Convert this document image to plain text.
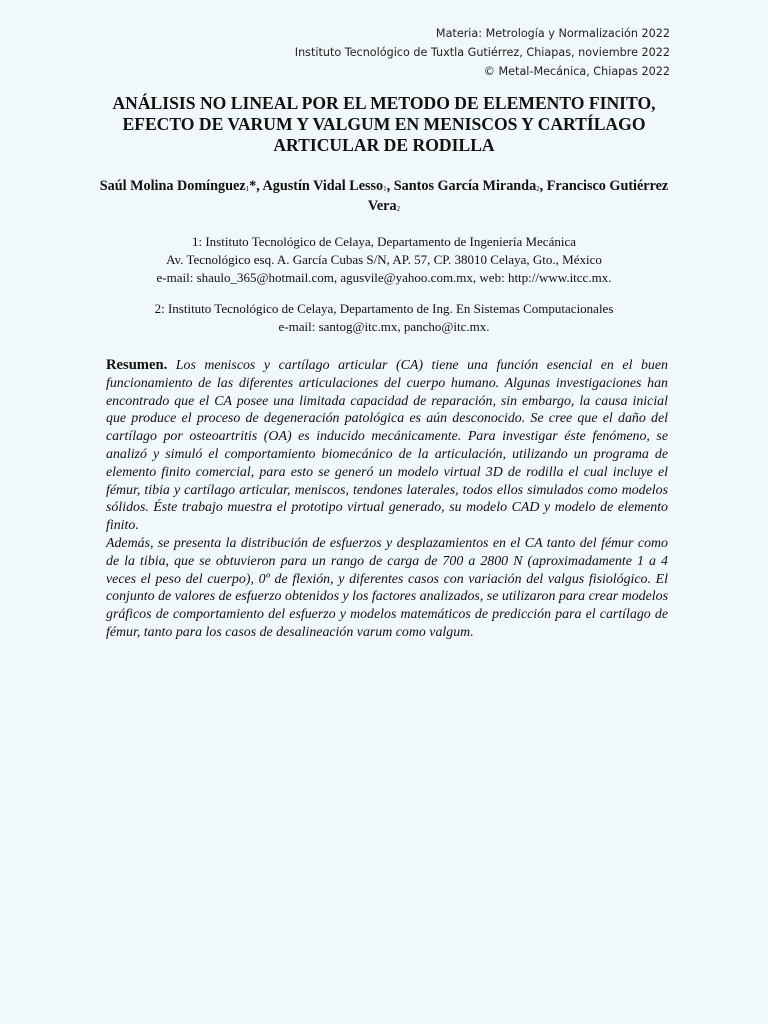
Materia: Metrología y Normalización 2022
Instituto Tecnológico de Tuxtla Gutiérrez, Chiapas, noviembre 2022
© Metal-Mecánica, Chiapas 2022
ANÁLISIS NO LINEAL POR EL METODO DE ELEMENTO FINITO, EFECTO DE VARUM Y VALGUM EN MENISCOS Y CARTÍLAGO ARTICULAR DE RODILLA
Saúl Molina Domínguez$^1$*, Agustín Vidal Lesso$^1$, Santos García Miranda$^2$, Francisco Gutiérrez Vera$^2$
1: Instituto Tecnológico de Celaya, Departamento de Ingeniería Mecánica
Av. Tecnológico esq. A. García Cubas S/N, AP. 57, CP. 38010 Celaya, Gto., México
e-mail: shaulo_365@hotmail.com, agusvile@yahoo.com.mx, web: http://www.itcc.mx.
2: Instituto Tecnológico de Celaya, Departamento de Ing. En Sistemas Computacionales
e-mail: santog@itc.mx, pancho@itc.mx.

Resumen. Los meniscos y cartílago articular (CA) tiene una función esencial en el buen funcionamiento de las diferentes articulaciones del cuerpo humano. Algunas investigaciones han encontrado que el CA posee una limitada capacidad de reparación, sin embargo, la causa inicial que produce el proceso de degeneración patológica es aún desconocido. Se cree que el daño del cartílago por osteoartritis (OA) es inducido mecánicamente. Para investigar éste fenómeno, se analizó y simuló el comportamiento biomecánico de la articulación, utilizando un programa de elemento finito comercial, para esto se generó un modelo virtual 3D de rodilla el cual incluye el fémur, tibia y cartílago articular, meniscos, tendones laterales, todos ellos simulados como modelos sólidos. Éste trabajo muestra el prototipo virtual generado, su modelo CAD y modelo de elemento finito.

Además, se presenta la distribución de esfuerzos y desplazamientos en el CA tanto del fémur como de la tibia, que se obtuvieron para un rango de carga de 700 a 2800 N (aproximadamente 1 a 4 veces el peso del cuerpo), 0º de flexión, y diferentes casos con variación del valgus fisiológico. El conjunto de valores de esfuerzo obtenidos y los factores analizados, se utilizaron para crear modelos gráficos de comportamiento del esfuerzo y modelos matemáticos de predicción para el cartílago de fémur, tanto para los casos de desalineación varum como valgum.
